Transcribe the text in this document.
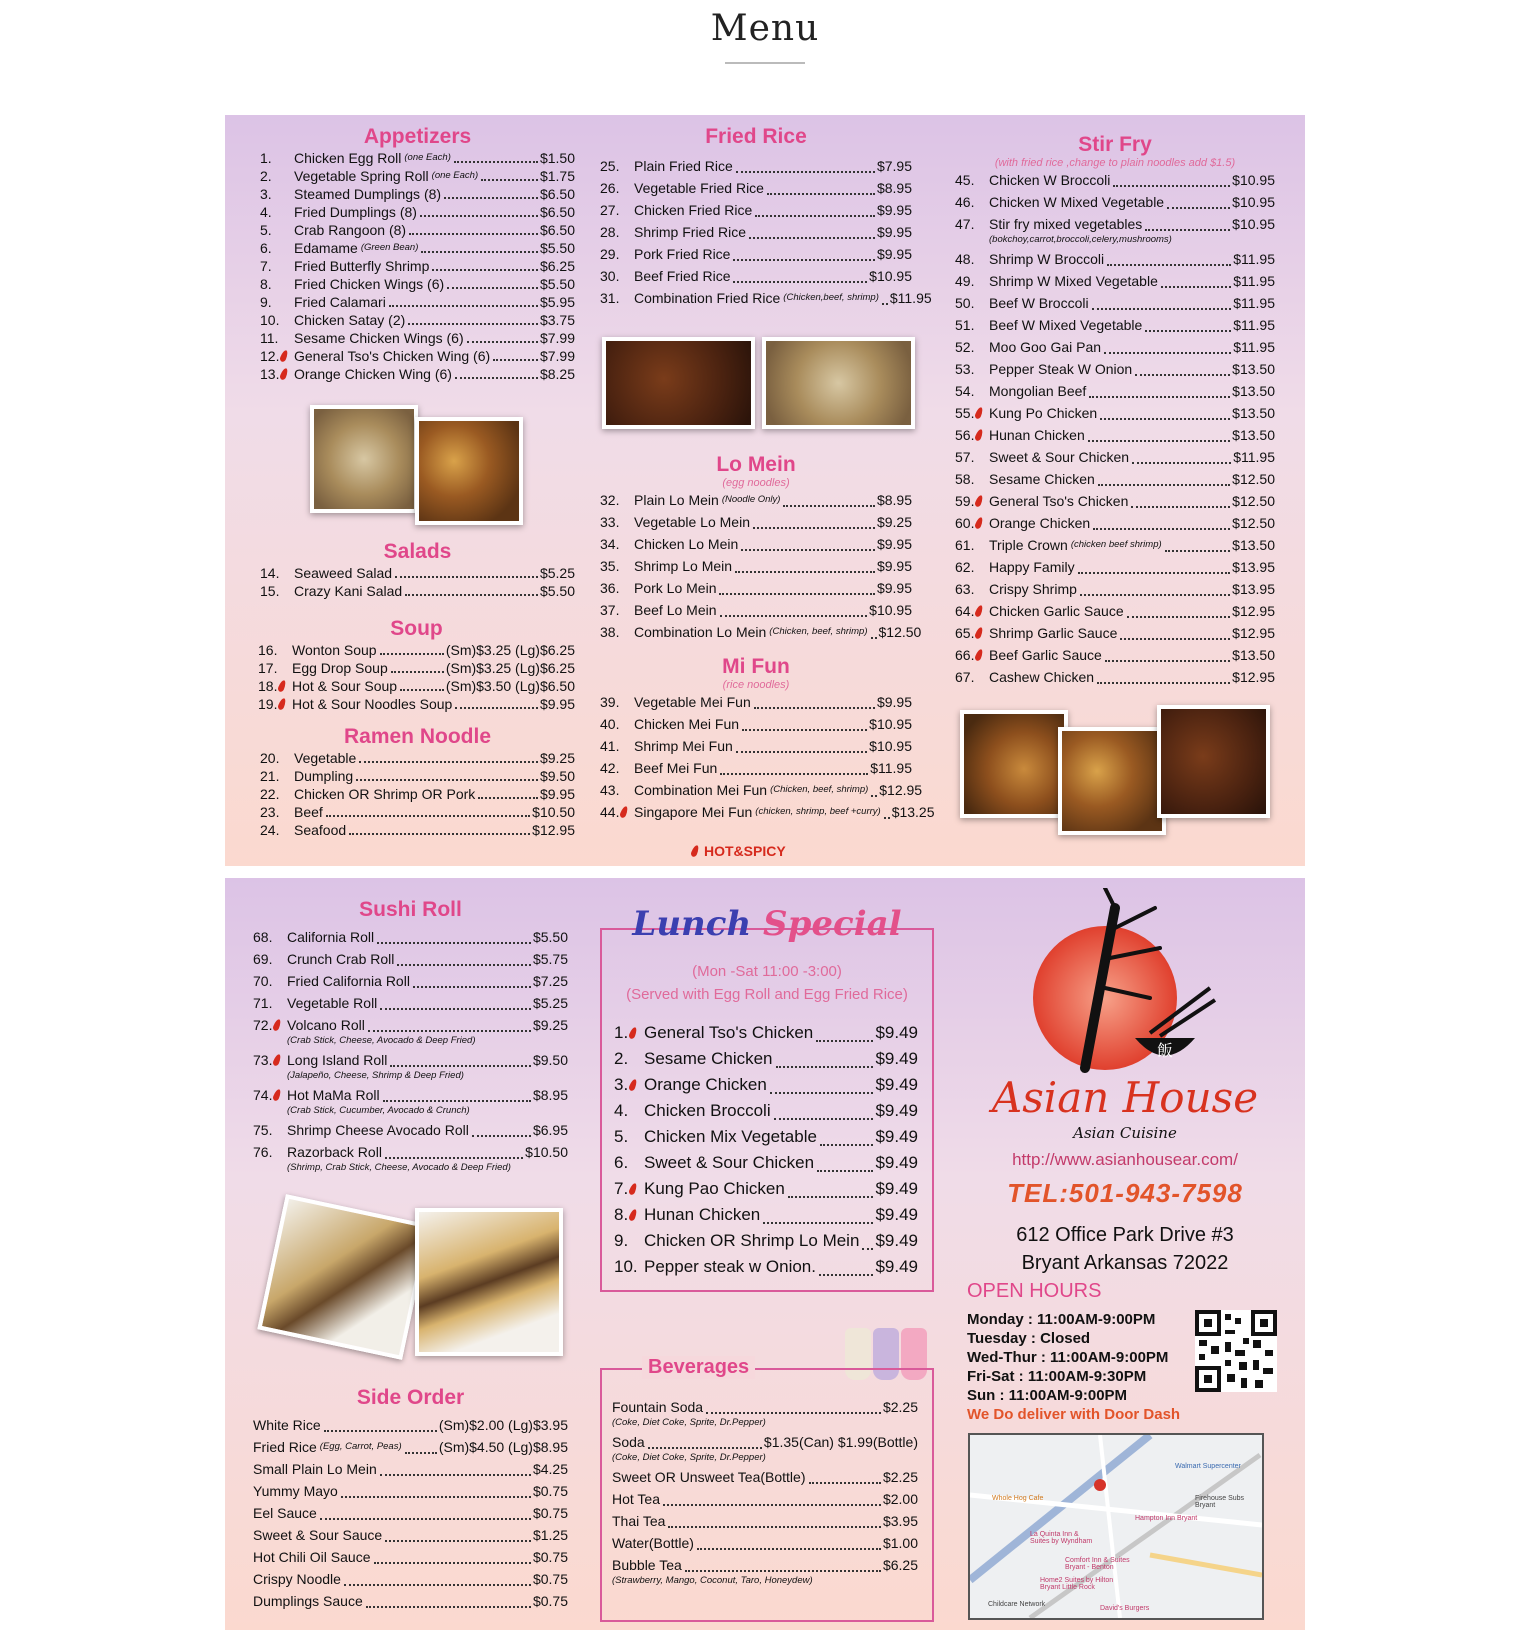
Menu
Appetizers
1. Chicken Egg Roll (one Each)	$1.50
2. Vegetable Spring Roll (one Each)	$1.75
3. Steamed Dumplings (8)	$6.50
4. Fried Dumplings (8)	$6.50
5. Crab Rangoon (8)	$6.50
6. Edamame (Green Bean)	$5.50
7. Fried Butterfly Shrimp	$6.25
8. Fried Chicken Wings (6)	$5.50
9. Fried Calamari	$5.95
10. Chicken Satay (2)	$3.75
11. Sesame Chicken Wings (6)	$7.99
12. General Tso's Chicken Wing (6)	$7.99
13. Orange Chicken Wing (6)	$8.25
Salads
14. Seaweed Salad	$5.25
15. Crazy Kani Salad	$5.50
Soup
16. Wonton Soup	(Sm)$3.25 (Lg)$6.25
17. Egg Drop Soup	(Sm)$3.25 (Lg)$6.25
18. Hot & Sour Soup	(Sm)$3.50 (Lg)$6.50
19. Hot & Sour Noodles Soup	$9.95
Ramen Noodle
20. Vegetable	$9.25
21. Dumpling	$9.50
22. Chicken OR Shrimp OR Pork	$9.95
23. Beef	$10.50
24. Seafood	$12.95
Fried Rice
25. Plain Fried Rice	$7.95
26. Vegetable Fried Rice	$8.95
27. Chicken Fried Rice	$9.95
28. Shrimp Fried Rice	$9.95
29. Pork Fried Rice	$9.95
30. Beef Fried Rice	$10.95
31. Combination Fried Rice (Chicken,beef, shrimp) $11.95
Lo Mein

(egg noodles)

32. Plain Lo Mein (Noodle Only)	$8.95
33. Vegetable Lo Mein	$9.25
34. Chicken Lo Mein	$9.95
35. Shrimp Lo Mein	$9.95
36. Pork Lo Mein	$9.95
37. Beef Lo Mein	$10.95
38. Combination Lo Mein (Chicken, beef, shrimp) $12.50
Mi Fun

(rice noodles)

39. Vegetable Mei Fun	$9.95
40. Chicken Mei Fun	$10.95
41. Shrimp Mei Fun	$10.95
42. Beef Mei Fun	$11.95
43. Combination Mei Fun (Chicken, beef, shrimp) $12.95
44. Singapore Mei Fun (chicken, shrimp, beef +curry) $13.25
HOT&SPICY
Stir Fry

(with fried rice ,change to plain noodles add $1.5)

45. Chicken W Broccoli	$10.95
46. Chicken W Mixed Vegetable	$10.95
47. Stir fry mixed vegetables	$10.95
(bokchoy,carrot,broccoli,celery,mushrooms)
48. Shrimp W Broccoli	$11.95
49. Shrimp W Mixed Vegetable	$11.95
50. Beef W Broccoli	$11.95
51. Beef W Mixed Vegetable	$11.95
52. Moo Goo Gai Pan	$11.95
53. Pepper Steak W Onion	$13.50
54. Mongolian Beef	$13.50
55. Kung Po Chicken	$13.50
56. Hunan Chicken	$13.50
57. Sweet & Sour Chicken	$11.95
58. Sesame Chicken	$12.50
59. General Tso's Chicken	$12.50
60. Orange Chicken	$12.50
61. Triple Crown (chicken beef shrimp)	$13.50
62. Happy Family	$13.95
63. Crispy Shrimp	$13.95
64. Chicken Garlic Sauce	$12.95
65. Shrimp Garlic Sauce	$12.95
66. Beef Garlic Sauce	$13.50
67. Cashew Chicken	$12.95
Sushi Roll
68. California Roll	$5.50
69. Crunch Crab Roll	$5.75
70. Fried California Roll	$7.25
71. Vegetable Roll	$5.25
72. Volcano Roll	$9.25
(Crab Stick, Cheese, Avocado & Deep Fried)
73. Long Island Roll	$9.50
(Jalapeño, Cheese, Shrimp & Deep Fried)
74. Hot MaMa Roll	$8.95
(Crab Stick, Cucumber, Avocado & Crunch)
75. Shrimp Cheese Avocado Roll	$6.95
76. Razorback Roll	$10.50
(Shrimp, Crab Stick, Cheese, Avocado & Deep Fried)
Side Order
White Rice	(Sm)$2.00 (Lg)$3.95
Fried Rice (Egg, Carrot, Peas)	(Sm)$4.50 (Lg)$8.95
Small Plain Lo Mein	$4.25
Yummy Mayo	$0.75
Eel Sauce	$0.75
Sweet & Sour Sauce	$1.25
Hot Chili Oil Sauce	$0.75
Crispy Noodle	$0.75
Dumplings Sauce	$0.75
Lunch Special
(Mon -Sat 11:00 -3:00)
(Served with Egg Roll and Egg Fried Rice)
1. General Tso's Chicken	$9.49
2. Sesame Chicken	$9.49
3. Orange Chicken	$9.49
4. Chicken Broccoli	$9.49
5. Chicken Mix Vegetable	$9.49
6. Sweet & Sour Chicken	$9.49
7. Kung Pao Chicken	$9.49
8. Hunan Chicken	$9.49
9. Chicken OR Shrimp Lo Mein $9.49
10. Pepper steak w Onion.	$9.49
Beverages
Fountain Soda	$2.25
(Coke, Diet Coke, Sprite, Dr.Pepper)
Soda	$1.35(Can) $1.99(Bottle)
(Coke, Diet Coke, Sprite, Dr.Pepper)
Sweet OR Unsweet Tea(Bottle)	$2.25
Hot Tea	$2.00
Thai Tea	$3.95
Water(Bottle)	$1.00
Bubble Tea	$6.25
(Strawberry, Mango, Coconut, Taro, Honeydew)
飯
Asian House
Asian Cuisine
http://www.asianhousear.com/
TEL:501-943-7598
612 Office Park Drive #3
Bryant Arkansas 72022
OPEN HOURS
Monday : 11:00AM-9:00PM
Tuesday : Closed
Wed-Thur : 11:00AM-9:00PM
Fri-Sat : 11:00AM-9:30PM
Sun : 11:00AM-9:00PM
We Do deliver with Door Dash
Walmart Supercenter
Whole Hog Cafe	Firehouse Subs Bryant
Hampton Inn Bryant
La Quinta Inn & Suites by Wyndham
Comfort Inn & Suites Bryant - Benton
Home2 Suites by Hilton Bryant Little Rock
Childcare Network
David's Burgers
